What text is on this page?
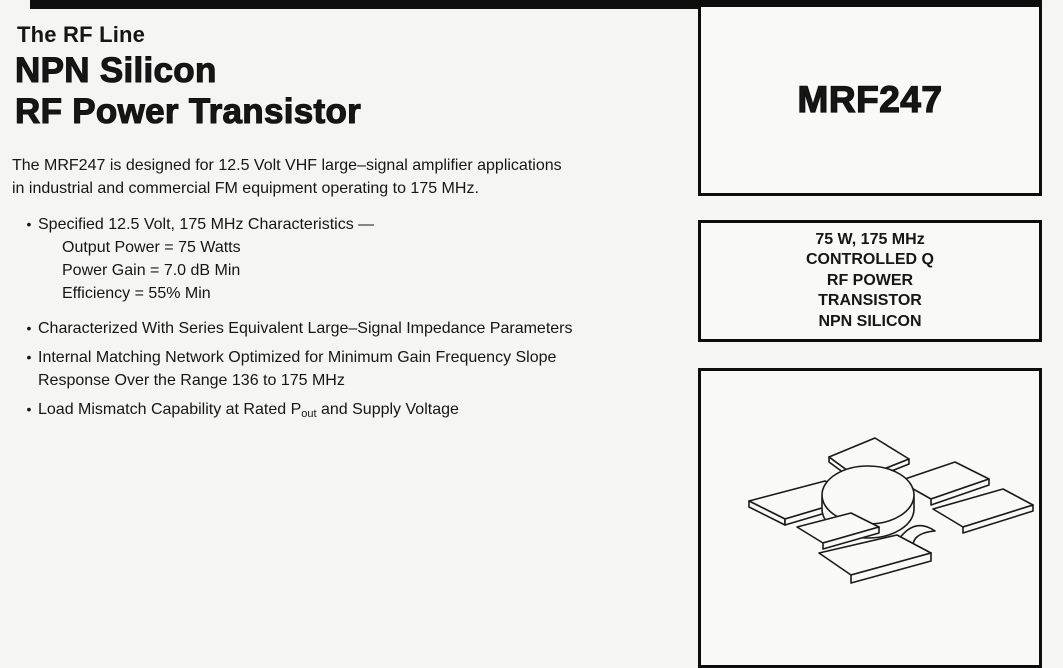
The RF Line
NPN Silicon
RF Power Transistor
The MRF247 is designed for 12.5 Volt VHF large–signal amplifier applications
in industrial and commercial FM equipment operating to 175 MHz.
• Specified 12.5 Volt, 175 MHz Characteristics —
Output Power = 75 Watts
Power Gain = 7.0 dB Min
Efficiency = 55% Min
• Characterized With Series Equivalent Large–Signal Impedance Parameters
• Internal Matching Network Optimized for Minimum Gain Frequency Slope
Response Over the Range 136 to 175 MHz
• Load Mismatch Capability at Rated $P_{out}$ and Supply Voltage
MRF247
75 W, 175 MHz
CONTROLLED Q
RF POWER
TRANSISTOR
NPN SILICON
